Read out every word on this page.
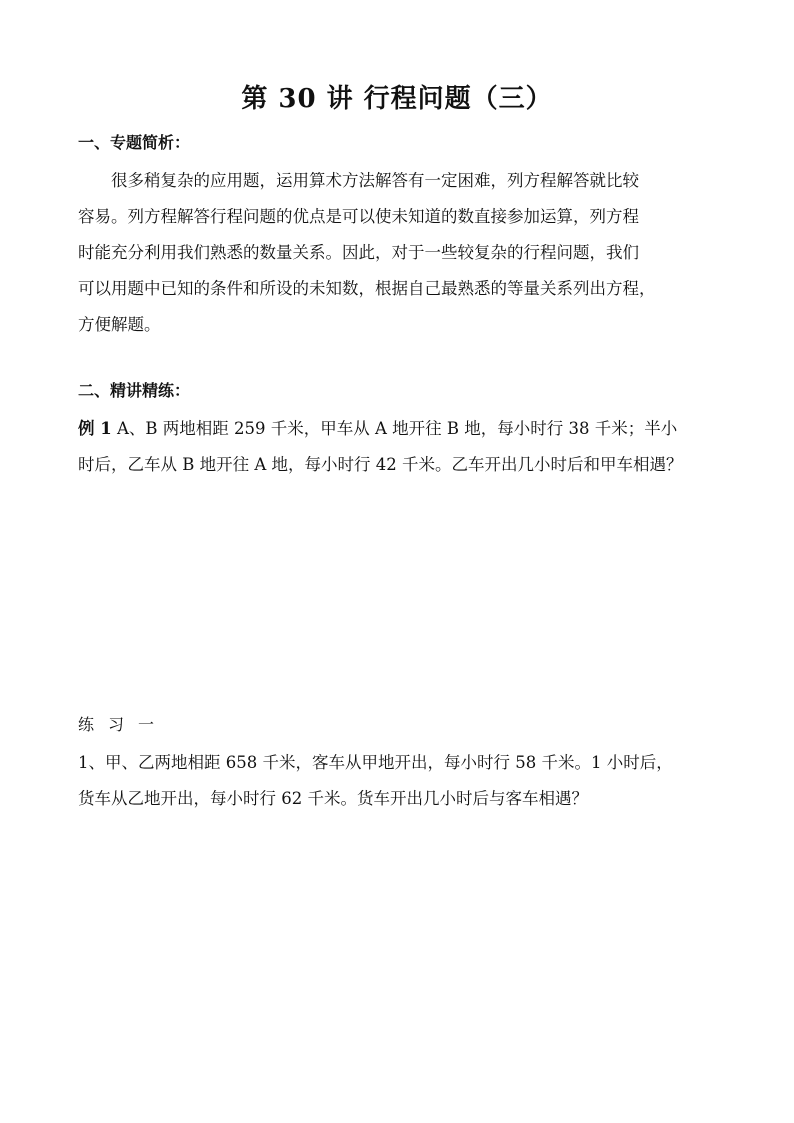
第 30 讲 行程问题（三）
一、专题简析：
很多稍复杂的应用题，运用算术方法解答有一定困难，列方程解答就比较
容易。列方程解答行程问题的优点是可以使未知道的数直接参加运算，列方程
时能充分利用我们熟悉的数量关系。因此，对于一些较复杂的行程问题，我们
可以用题中已知的条件和所设的未知数，根据自己最熟悉的等量关系列出方程，
方便解题。
二、精讲精练：
例 1 A、B 两地相距 259 千米，甲车从 A 地开往 B 地，每小时行 38 千米；半小
时后，乙车从 B 地开往 A 地，每小时行 42 千米。乙车开出几小时后和甲车相遇？
练习一
1、甲、乙两地相距 658 千米，客车从甲地开出，每小时行 58 千米。1 小时后，
货车从乙地开出，每小时行 62 千米。货车开出几小时后与客车相遇？
